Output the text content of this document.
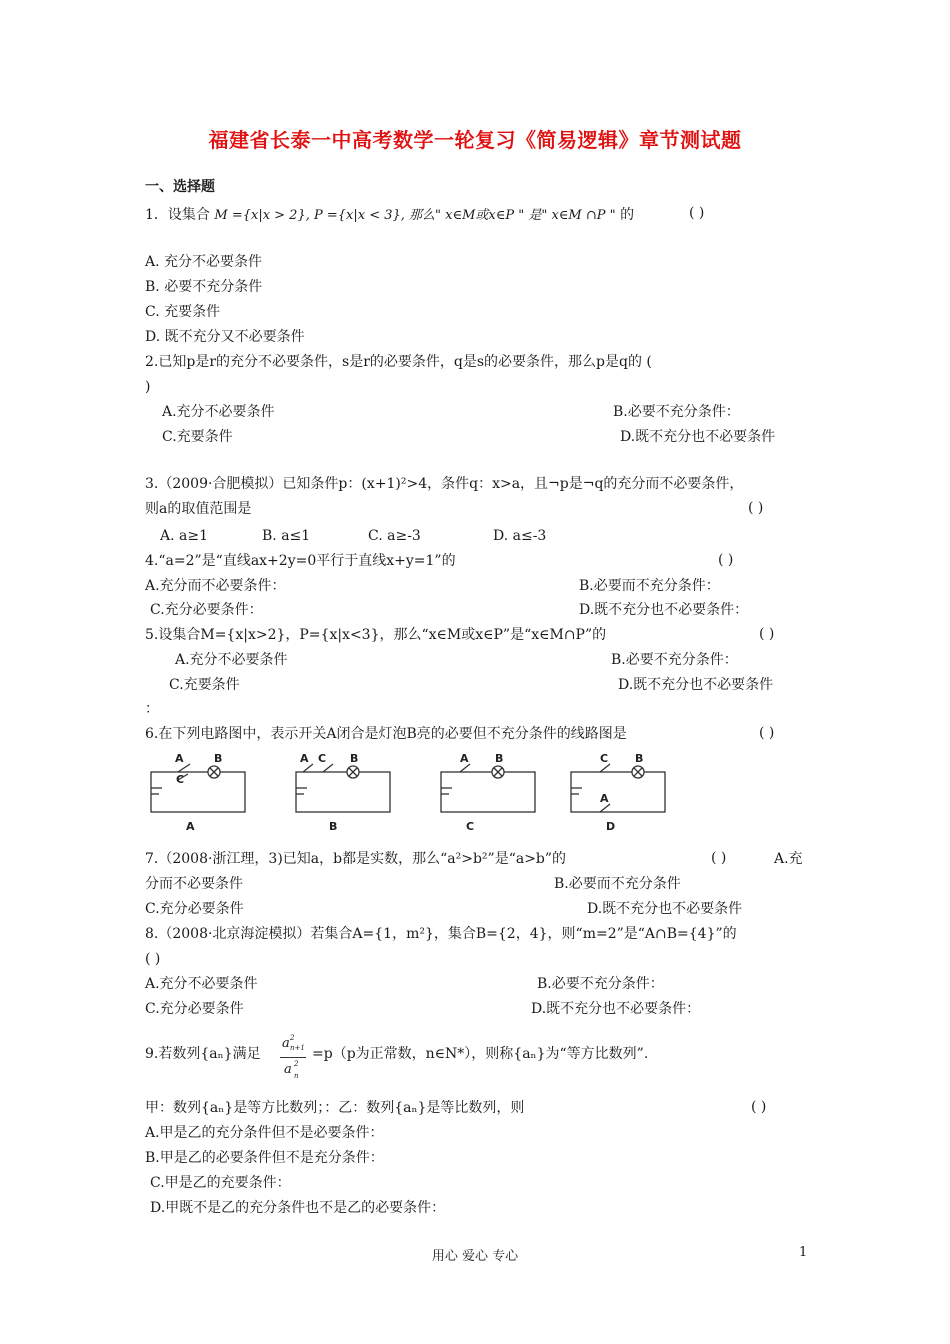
福建省长泰一中高考数学一轮复习《简易逻辑》章节测试题
一、选择题
1．设集合 M ={x|x > 2}, P ={x|x < 3}, 那么" x∈M或x∈P " 是" x∈M ∩P " 的	( )
A. 充分不必要条件
B. 必要不充分条件
C. 充要条件
D. 既不充分又不必要条件
2.已知p是r的充分不必要条件，s是r的必要条件，q是s的必要条件，那么p是q的 (
)
A.充分不必要条件	B.必要不充分条件：
C.充要条件	D.既不充分也不必要条件
3.（2009·合肥模拟）已知条件p：(x+1)²>4，条件q：x>a，且¬p是¬q的充分而不必要条件，
则a的取值范围是	( )
A. a≥1	B. a≤1	C. a≥-3	D. a≤-3
4.“a=2”是“直线ax+2y=0平行于直线x+y=1”的	( )
A.充分而不必要条件：	B.必要而不充分条件：
C.充分必要条件：	D.既不充分也不必要条件：
5.设集合M={x|x>2}，P={x|x<3}，那么“x∈M或x∈P”是“x∈M∩P”的	( )
A.充分不必要条件	B.必要不充分条件：
C.充要条件	D.既不充分也不必要条件
：
6.在下列电路图中，表示开关A闭合是灯泡B亮的必要但不充分条件的线路图是	( )
A
C
B	A C B	A B	C B
A
A	B	C	D
7.（2008·浙江理，3)已知a，b都是实数，那么“a²>b²”是“a>b”的	( )	A.充
分而不必要条件	B.必要而不充分条件
C.充分必要条件	D.既不充分也不必要条件
8.（2008·北京海淀模拟）若集合A={1，m²}，集合B={2，4}，则“m=2”是“A∩B={4}”的
( )
A.充分不必要条件	B.必要不充分条件：
C.充分必要条件	D.既不充分也不必要条件：
9.若数列{aₙ}满足
a 2
n+1
a 2
n
=p（p为正常数，n∈N*），则称{aₙ}为“等方比数列”.
甲：数列{aₙ}是等方比数列；：乙：数列{aₙ}是等比数列，则	( )
A.甲是乙的充分条件但不是必要条件：
B.甲是乙的必要条件但不是充分条件：
C.甲是乙的充要条件：
D.甲既不是乙的充分条件也不是乙的必要条件：
用心 爱心 专心	1
